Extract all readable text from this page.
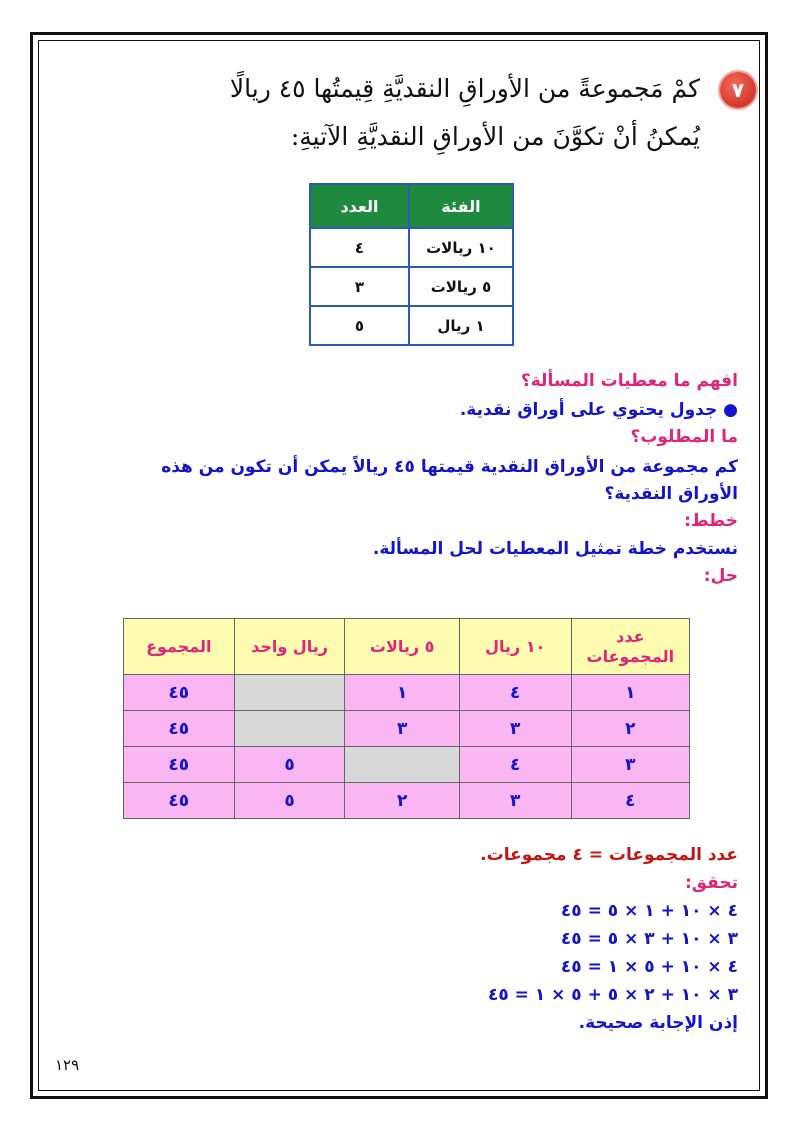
٧
كمْ مَجموعةً من الأوراقِ النقديَّةِ قِيمتُها ٤٥ ريالًا
يُمكنُ أنْ تكوَّنَ من الأوراقِ النقديَّةِ الآتيةِ:
الفئة	العدد
١٠ ريالات	٤
٥ ريالات	٣
١ ريال	٥
افهم ما معطيات المسألة؟
● جدول يحتوي على أوراق نقدية.
ما المطلوب؟
كم مجموعة من الأوراق النقدية قيمتها ٤٥ ريالاً يمكن أن تكون من هذه الأوراق النقدية؟
خطط:
نستخدم خطة تمثيل المعطيات لحل المسألة.
حل:
عدد المجموعات	١٠ ريال	٥ ريالات	ريال واحد	المجموع
١	٤	١		٤٥
٢	٣	٣		٤٥
٣	٤		٥	٤٥
٤	٣	٢	٥	٤٥
عدد المجموعات = ٤ مجموعات.
تحقق:
٤ × ١٠ + ١ × ٥ = ٤٥
٣ × ١٠ + ٣ × ٥ = ٤٥
٤ × ١٠ + ٥ × ١ = ٤٥
٣ × ١٠ + ٢ × ٥ + ٥ × ١ = ٤٥
إذن الإجابة صحيحة.
١٢٩
